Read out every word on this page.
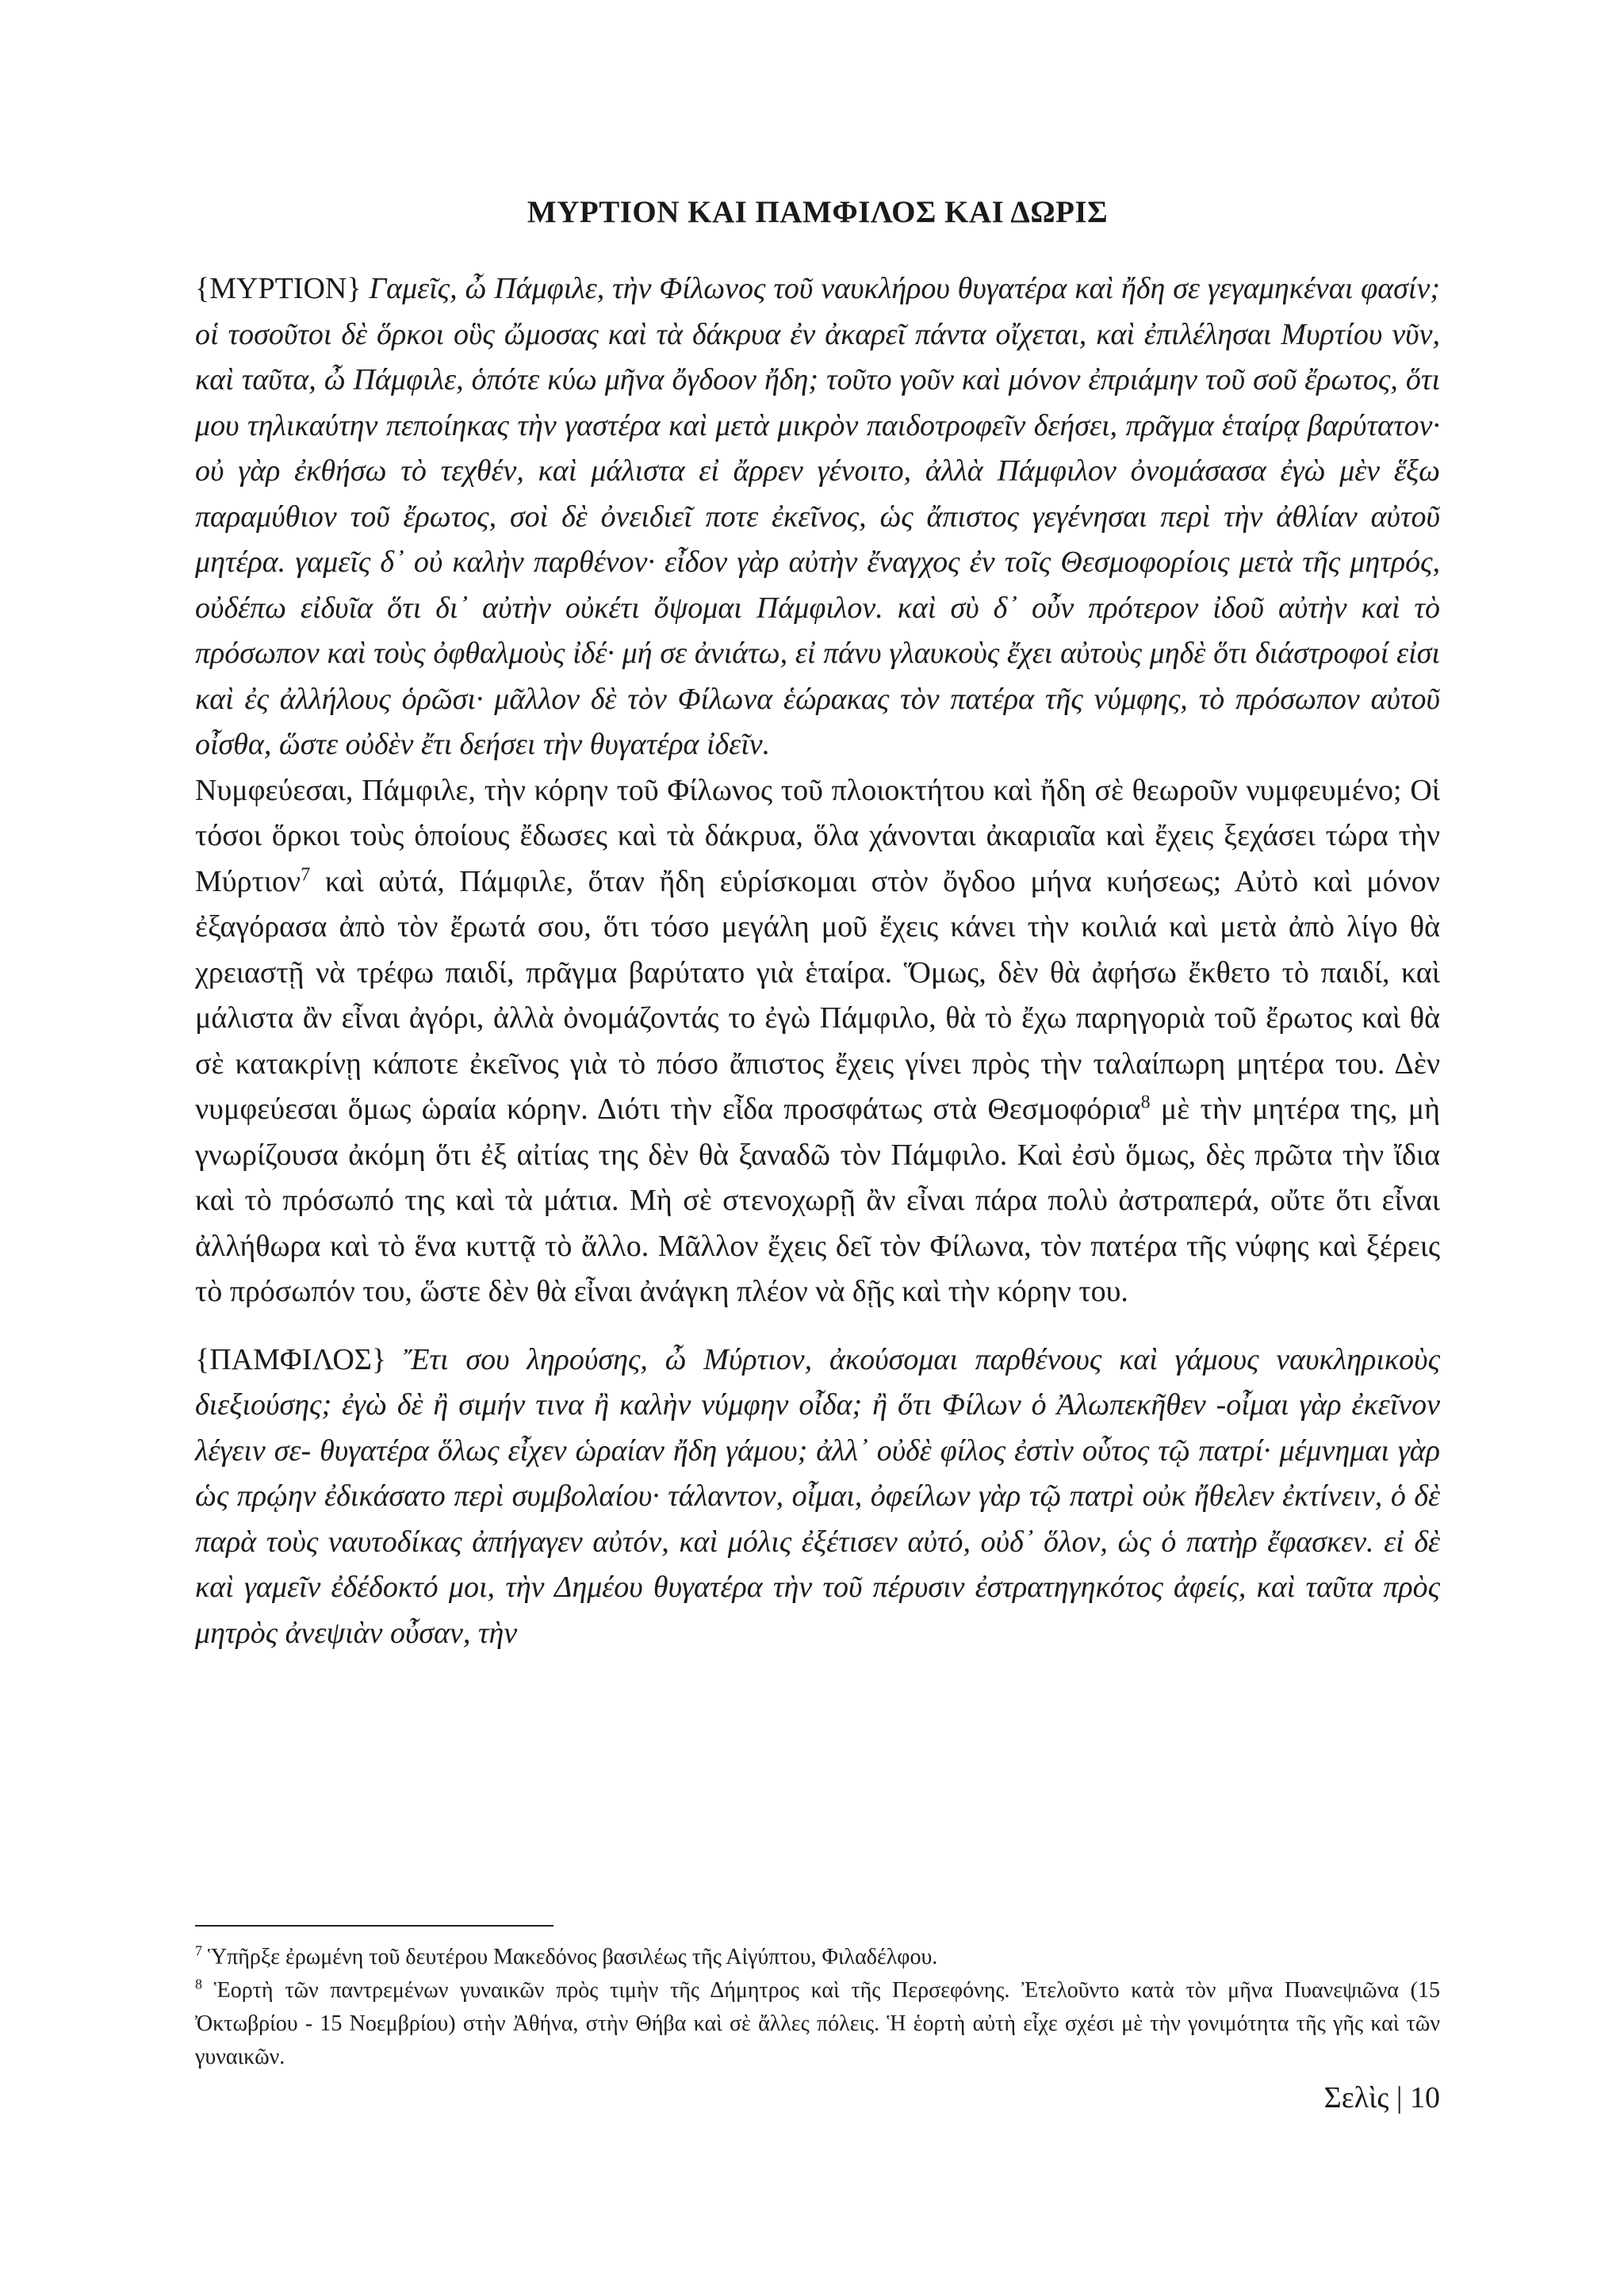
ΜΥΡΤΙΟΝ ΚΑΙ ΠΑΜΦΙΛΟΣ ΚΑΙ ΔΩΡΙΣ

{ΜΥΡΤΙΟΝ} Γαμεῖς, ὦ Πάμφιλε, τὴν Φίλωνος τοῦ ναυκλήρου θυγατέρα καὶ ἤδη σε γεγαμηκέναι φασίν; οἱ τοσοῦτοι δὲ ὅρκοι οὓς ὤμοσας καὶ τὰ δάκρυα ἐν ἀκαρεῖ πάντα οἴχεται, καὶ ἐπιλέλησαι Μυρτίου νῦν, καὶ ταῦτα, ὦ Πάμφιλε, ὁπότε κύω μῆνα ὄγδοον ἤδη; τοῦτο γοῦν καὶ μόνον ἐπριάμην τοῦ σοῦ ἔρωτος, ὅτι μου τηλικαύτην πεποίηκας τὴν γαστέρα καὶ μετὰ μικρὸν παιδοτροφεῖν δεήσει, πρᾶγμα ἑταίρᾳ βαρύτατον· οὐ γὰρ ἐκθήσω τὸ τεχθέν, καὶ μάλιστα εἰ ἄρρεν γένοιτο, ἀλλὰ Πάμφιλον ὀνομάσασα ἐγὼ μὲν ἕξω παραμύθιον τοῦ ἔρωτος, σοὶ δὲ ὀνειδιεῖ ποτε ἐκεῖνος, ὡς ἄπιστος γεγένησαι περὶ τὴν ἀθλίαν αὐτοῦ μητέρα. γαμεῖς δ᾽ οὐ καλὴν παρθένον· εἶδον γὰρ αὐτὴν ἔναγχος ἐν τοῖς Θεσμοφορίοις μετὰ τῆς μητρός, οὐδέπω εἰδυῖα ὅτι δι᾽ αὐτὴν οὐκέτι ὄψομαι Πάμφιλον. καὶ σὺ δ᾽ οὖν πρότερον ἰδοῦ αὐτὴν καὶ τὸ πρόσωπον καὶ τοὺς ὀφθαλμοὺς ἰδέ· μή σε ἀνιάτω, εἰ πάνυ γλαυκοὺς ἔχει αὐτοὺς μηδὲ ὅτι διάστροφοί εἰσι καὶ ἐς ἀλλήλους ὁρῶσι· μᾶλλον δὲ τὸν Φίλωνα ἑώρακας τὸν πατέρα τῆς νύμφης, τὸ πρόσωπον αὐτοῦ οἶσθα, ὥστε οὐδὲν ἔτι δεήσει τὴν θυγατέρα ἰδεῖν.

Νυμφεύεσαι, Πάμφιλε, τὴν κόρην τοῦ Φίλωνος τοῦ πλοιοκτήτου καὶ ἤδη σὲ θεωροῦν νυμφευμένο; Οἱ τόσοι ὅρκοι τοὺς ὁποίους ἔδωσες καὶ τὰ δάκρυα, ὅλα χάνονται ἀκαριαῖα καὶ ἔχεις ξεχάσει τώρα τὴν Μύρτιον$^7$ καὶ αὐτά, Πάμφιλε, ὅταν ἤδη εὑρίσκομαι στὸν ὄγδοο μήνα κυήσεως; Αὐτὸ καὶ μόνον ἐξαγόρασα ἀπὸ τὸν ἔρωτά σου, ὅτι τόσο μεγάλη μοῦ ἔχεις κάνει τὴν κοιλιά καὶ μετὰ ἀπὸ λίγο θὰ χρειαστῇ νὰ τρέφω παιδί, πρᾶγμα βαρύτατο γιὰ ἑταίρα. Ὅμως, δὲν θὰ ἀφήσω ἔκθετο τὸ παιδί, καὶ μάλιστα ἂν εἶναι ἀγόρι, ἀλλὰ ὀνομάζοντάς το ἐγὼ Πάμφιλο, θὰ τὸ ἔχω παρηγοριὰ τοῦ ἔρωτος καὶ θὰ σὲ κατακρίνῃ κάποτε ἐκεῖνος γιὰ τὸ πόσο ἄπιστος ἔχεις γίνει πρὸς τὴν ταλαίπωρη μητέρα του. Δὲν νυμφεύεσαι ὅμως ὡραία κόρην. Διότι τὴν εἶδα προσφάτως στὰ Θεσμοφόρια$^8$ μὲ τὴν μητέρα της, μὴ γνωρίζουσα ἀκόμη ὅτι ἐξ αἰτίας της δὲν θὰ ξαναδῶ τὸν Πάμφιλο. Καὶ ἐσὺ ὅμως, δὲς πρῶτα τὴν ἴδια καὶ τὸ πρόσωπό της καὶ τὰ μάτια. Μὴ σὲ στενοχωρῇ ἂν εἶναι πάρα πολὺ ἀστραπερά, οὔτε ὅτι εἶναι ἀλλήθωρα καὶ τὸ ἕνα κυττᾷ τὸ ἄλλο. Μᾶλλον ἔχεις δεῖ τὸν Φίλωνα, τὸν πατέρα τῆς νύφης καὶ ξέρεις τὸ πρόσωπόν του, ὥστε δὲν θὰ εἶναι ἀνάγκη πλέον νὰ δῇς καὶ τὴν κόρην του.

{ΠΑΜΦΙΛΟΣ} Ἔτι σου ληρούσης, ὦ Μύρτιον, ἀκούσομαι παρθένους καὶ γάμους ναυκληρικοὺς διεξιούσης; ἐγὼ δὲ ἢ σιμήν τινα ἢ καλὴν νύμφην οἶδα; ἢ ὅτι Φίλων ὁ Ἀλωπεκῆθεν -οἶμαι γὰρ ἐκεῖνον λέγειν σε- θυγατέρα ὅλως εἶχεν ὡραίαν ἤδη γάμου; ἀλλ᾽ οὐδὲ φίλος ἐστὶν οὗτος τῷ πατρί· μέμνημαι γὰρ ὡς πρῴην ἐδικάσατο περὶ συμβολαίου· τάλαντον, οἶμαι, ὀφείλων γὰρ τῷ πατρὶ οὐκ ἤθελεν ἐκτίνειν, ὁ δὲ παρὰ τοὺς ναυτοδίκας ἀπήγαγεν αὐτόν, καὶ μόλις ἐξέτισεν αὐτό, οὐδ᾽ ὅλον, ὡς ὁ πατὴρ ἔφασκεν. εἰ δὲ καὶ γαμεῖν ἐδέδοκτό μοι, τὴν Δημέου θυγατέρα τὴν τοῦ πέρυσιν ἐστρατηγηκότος ἀφείς, καὶ ταῦτα πρὸς μητρὸς ἀνεψιὰν οὖσαν, τὴν

$^7$ Ὑπῆρξε ἐρωμένη τοῦ δευτέρου Μακεδόνος βασιλέως τῆς Αἰγύπτου, Φιλαδέλφου.

$^8$ Ἑορτὴ τῶν παντρεμένων γυναικῶν πρὸς τιμὴν τῆς Δήμητρος καὶ τῆς Περσεφόνης. Ἐτελοῦντο κατὰ τὸν μῆνα Πυανεψιῶνα (15 Ὀκτωβρίου - 15 Νοεμβρίου) στὴν Ἀθήνα, στὴν Θήβα καὶ σὲ ἄλλες πόλεις. Ἡ ἑορτὴ αὐτὴ εἶχε σχέσι μὲ τὴν γονιμότητα τῆς γῆς καὶ τῶν γυναικῶν.

Σελὶς | 10
